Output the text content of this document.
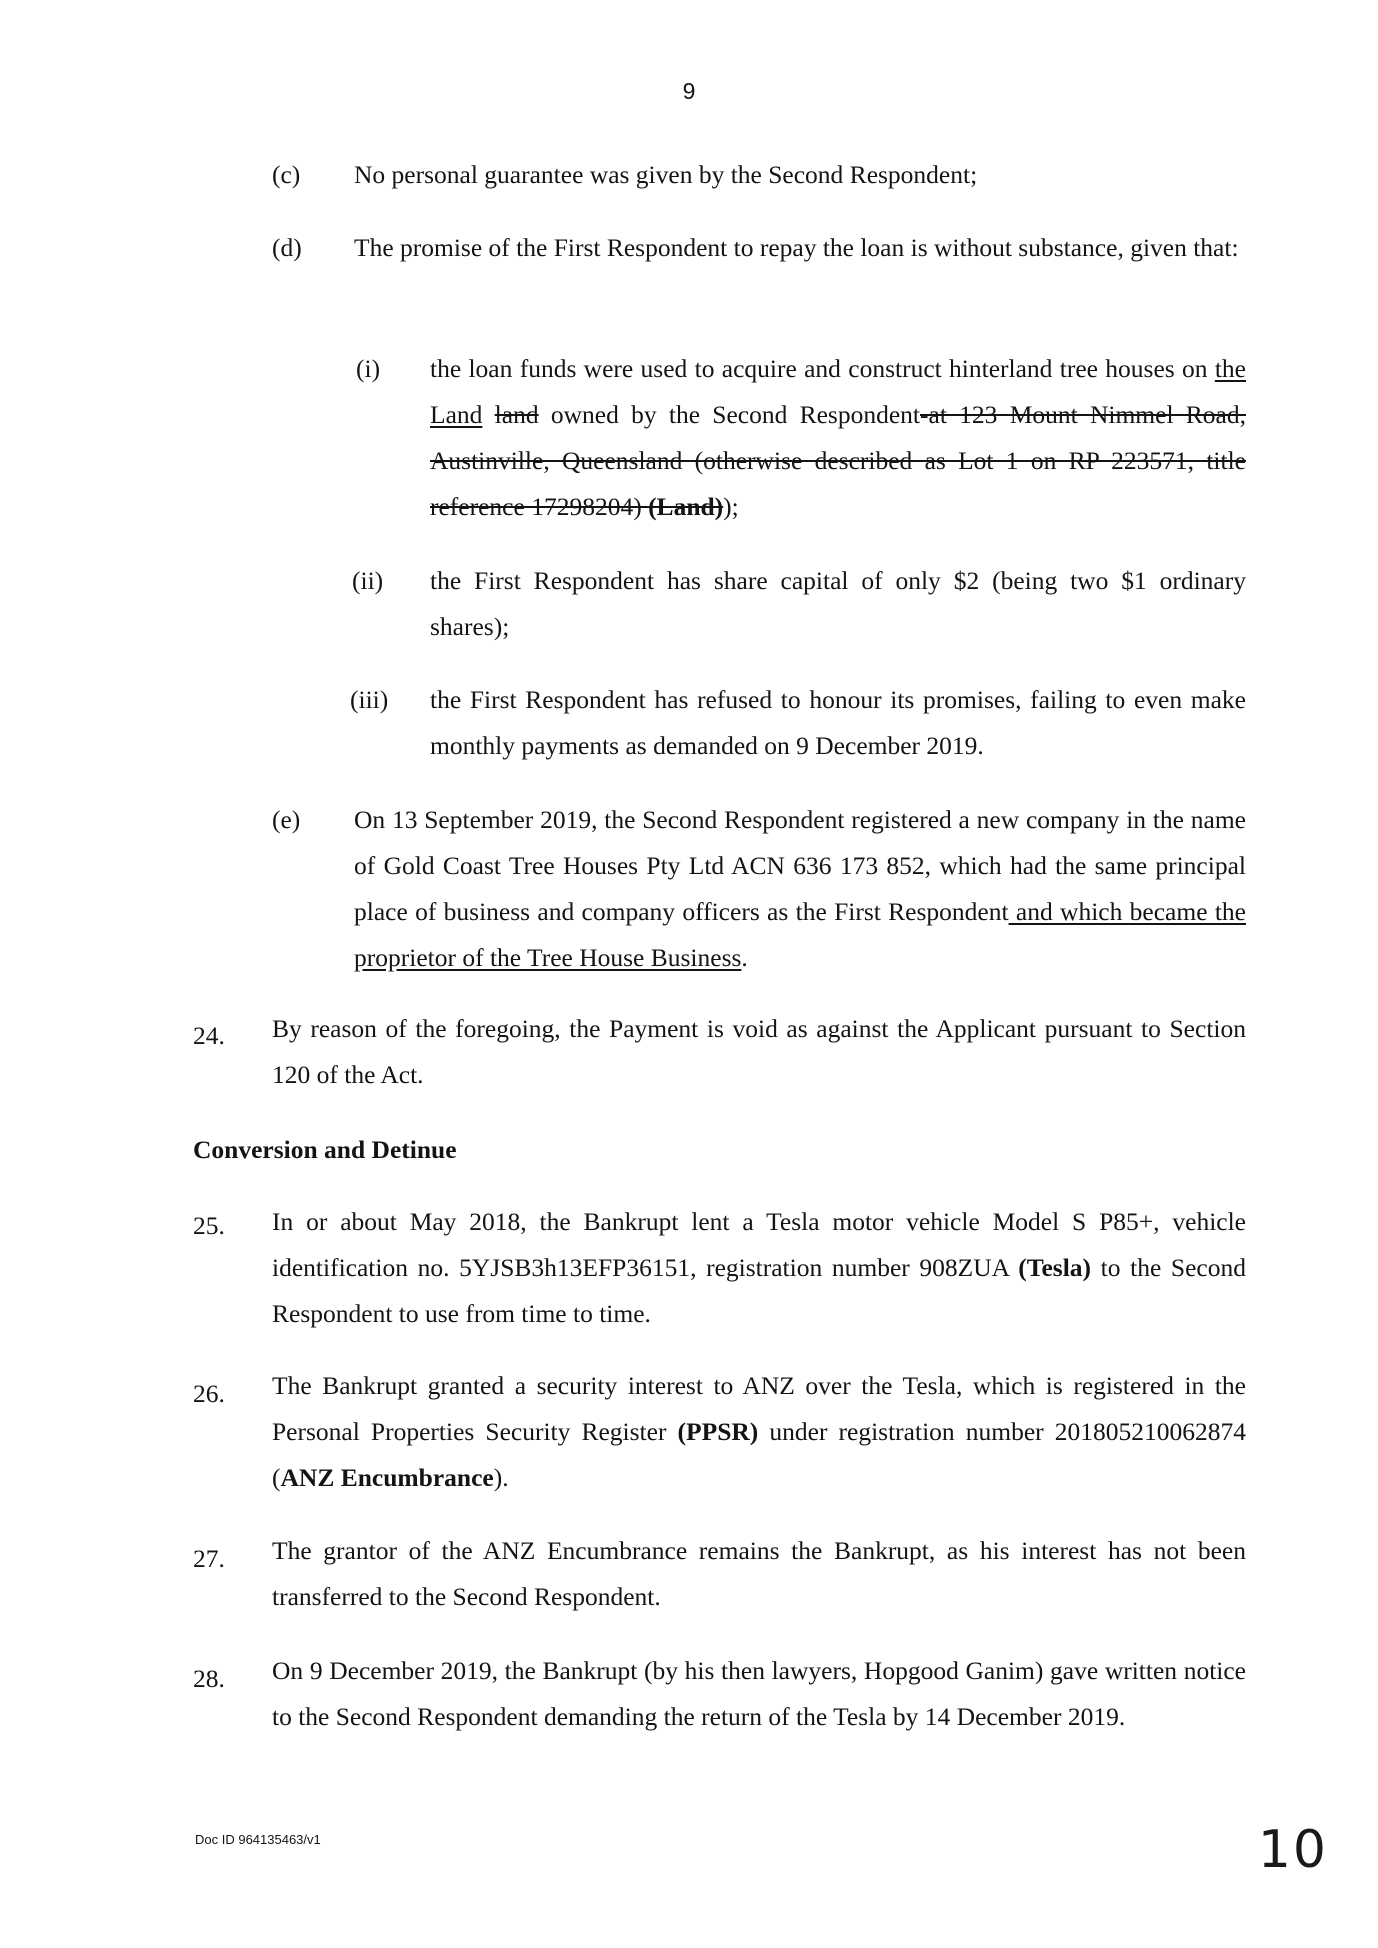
9
(c) No personal guarantee was given by the Second Respondent;
(d) The promise of the First Respondent to repay the loan is without substance, given that:
(i) the loan funds were used to acquire and construct hinterland tree houses on the Land land owned by the Second Respondent-at 123 Mount Nimmel Road, Austinville, Queensland (otherwise described as Lot 1 on RP 223571, title reference 17298204) (Land));
(ii) the First Respondent has share capital of only $2 (being two $1 ordinary shares);
(iii) the First Respondent has refused to honour its promises, failing to even make monthly payments as demanded on 9 December 2019.
(e) On 13 September 2019, the Second Respondent registered a new company in the name of Gold Coast Tree Houses Pty Ltd ACN 636 173 852, which had the same principal place of business and company officers as the First Respondent and which became the proprietor of the Tree House Business.
24. By reason of the foregoing, the Payment is void as against the Applicant pursuant to Section 120 of the Act.
Conversion and Detinue
25. In or about May 2018, the Bankrupt lent a Tesla motor vehicle Model S P85+, vehicle identification no. 5YJSB3h13EFP36151, registration number 908ZUA (Tesla) to the Second Respondent to use from time to time.
26. The Bankrupt granted a security interest to ANZ over the Tesla, which is registered in the Personal Properties Security Register (PPSR) under registration number 201805210062874 (ANZ Encumbrance).
27. The grantor of the ANZ Encumbrance remains the Bankrupt, as his interest has not been transferred to the Second Respondent.
28. On 9 December 2019, the Bankrupt (by his then lawyers, Hopgood Ganim) gave written notice to the Second Respondent demanding the return of the Tesla by 14 December 2019.
Doc ID 964135463/v1	10
